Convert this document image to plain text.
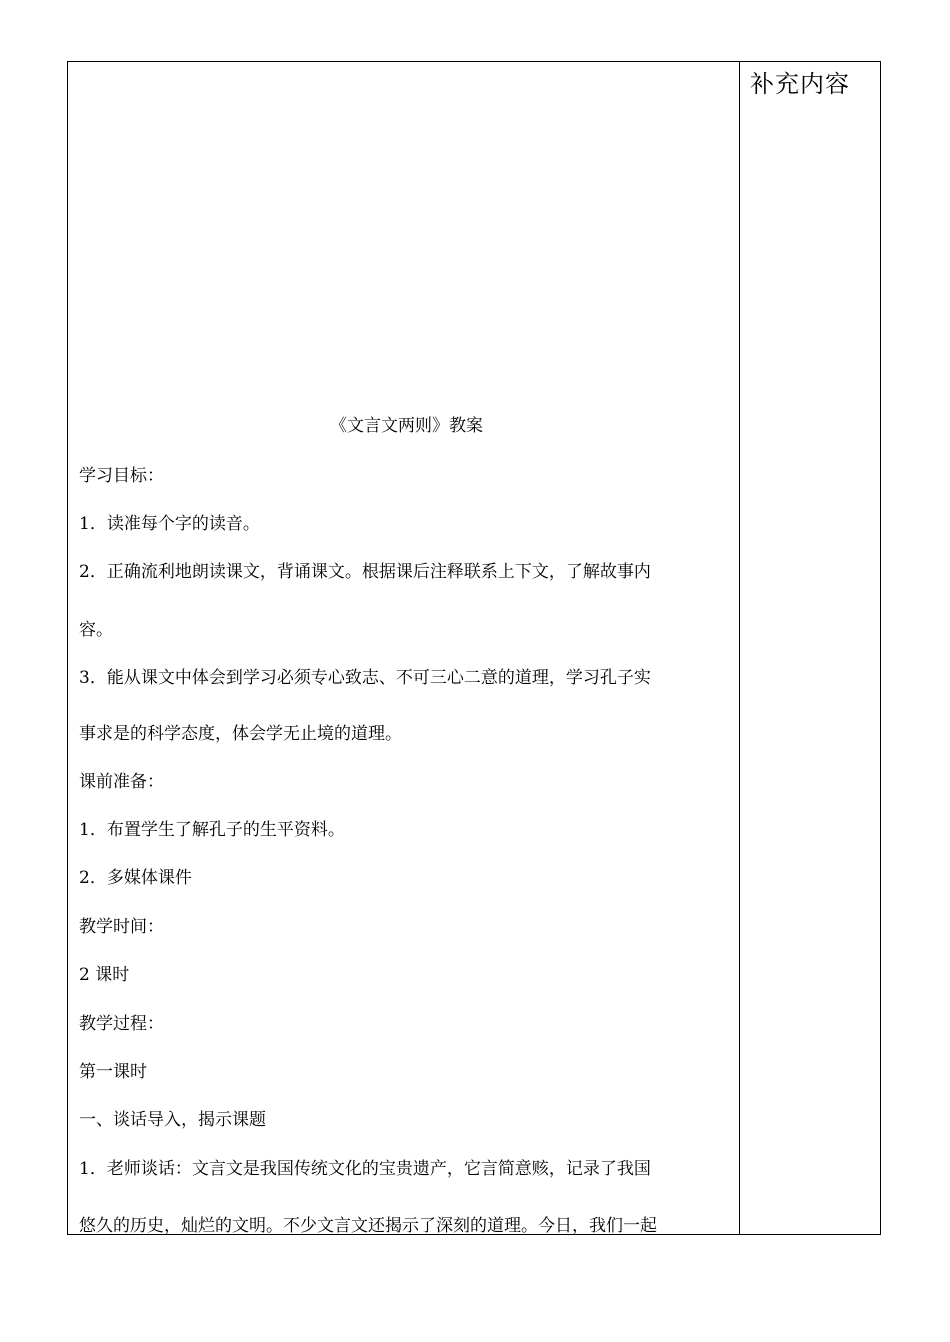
《文言文两则》教案
学习目标：
1．读准每个字的读音。
2．正确流利地朗读课文，背诵课文。根据课后注释联系上下文，了解故事内
容。
3．能从课文中体会到学习必须专心致志、不可三心二意的道理，学习孔子实
事求是的科学态度，体会学无止境的道理。
课前准备：
1．布置学生了解孔子的生平资料。
2．多媒体课件
教学时间：
2 课时
教学过程：
第一课时
一、谈话导入，揭示课题
1．老师谈话：文言文是我国传统文化的宝贵遗产，它言简意赅，记录了我国
悠久的历史，灿烂的文明。不少文言文还揭示了深刻的道理。今日，我们一起
补充内容
